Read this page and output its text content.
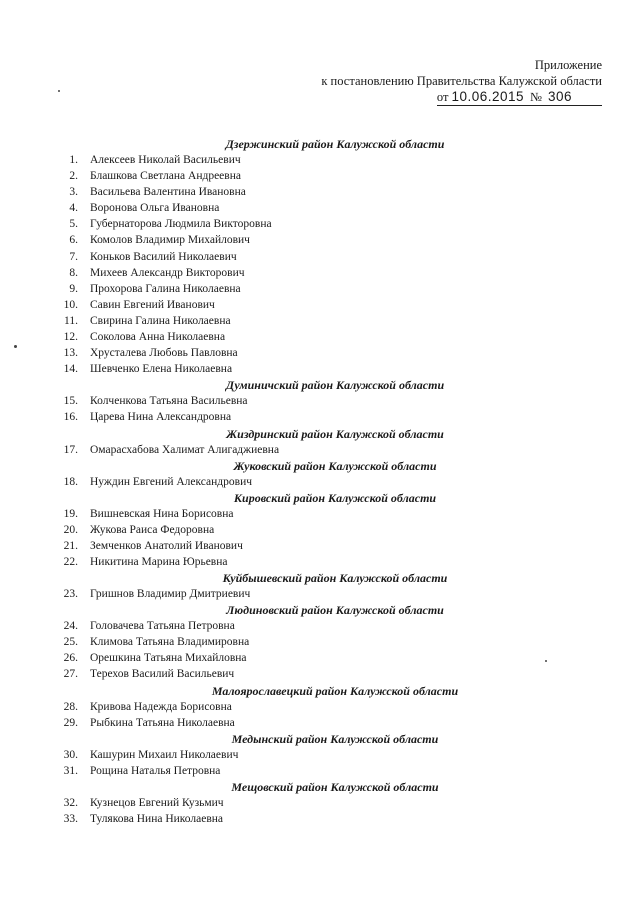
Приложение
к постановлению Правительства Калужской области
от 10.06.2015 № 306
Дзержинский район Калужской области
1. Алексеев Николай Васильевич
2. Блашкова Светлана Андреевна
3. Васильева Валентина Ивановна
4. Воронова Ольга Ивановна
5. Губернаторова Людмила Викторовна
6. Комолов Владимир Михайлович
7. Коньков Василий Николаевич
8. Михеев Александр Викторович
9. Прохорова Галина Николаевна
10. Савин Евгений Иванович
11. Свирина Галина Николаевна
12. Соколова Анна Николаевна
13. Хрусталева Любовь Павловна
14. Шевченко Елена Николаевна
Думиничский район Калужской области
15. Колченкова Татьяна Васильевна
16. Царева Нина Александровна
Жиздринский район Калужской области
17. Омарасхабова Халимат Алигаджиевна
Жуковский район Калужской области
18. Нуждин Евгений Александрович
Кировский район Калужской области
19. Вишневская Нина Борисовна
20. Жукова Раиса Федоровна
21. Земченков Анатолий Иванович
22. Никитина Марина Юрьевна
Куйбышевский район Калужской области
23. Гришнов Владимир Дмитриевич
Людиновский район Калужской области
24. Головачева Татьяна Петровна
25. Климова Татьяна Владимировна
26. Орешкина Татьяна Михайловна
27. Терехов Василий Васильевич
Малоярославецкий район Калужской области
28. Кривова Надежда Борисовна
29. Рыбкина Татьяна Николаевна
Медынский район Калужской области
30. Кашурин Михаил Николаевич
31. Рощина Наталья Петровна
Мещовский район Калужской области
32. Кузнецов Евгений Кузьмич
33. Тулякова Нина Николаевна
